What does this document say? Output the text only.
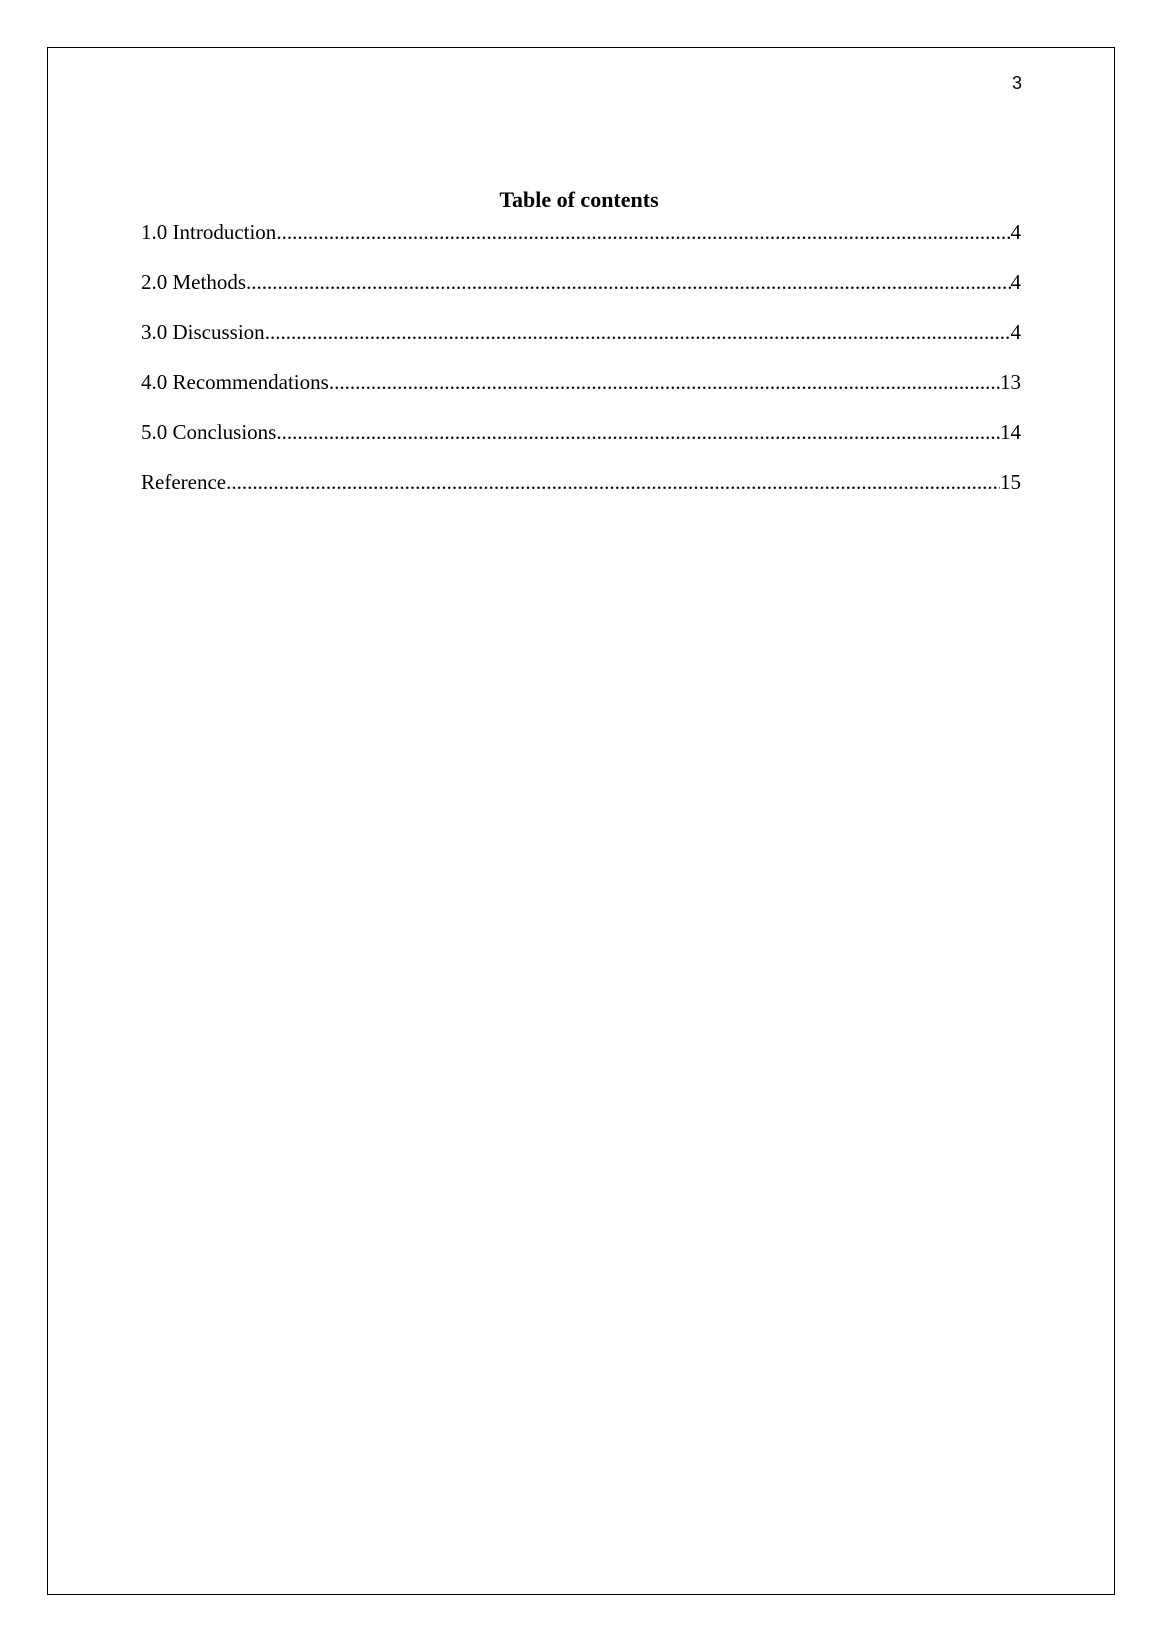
3
Table of contents
1.0 Introduction .....	4
2.0 Methods .....	4
3.0 Discussion .....	4
4.0 Recommendations .....	13
5.0 Conclusions .....	14
Reference .....	15
